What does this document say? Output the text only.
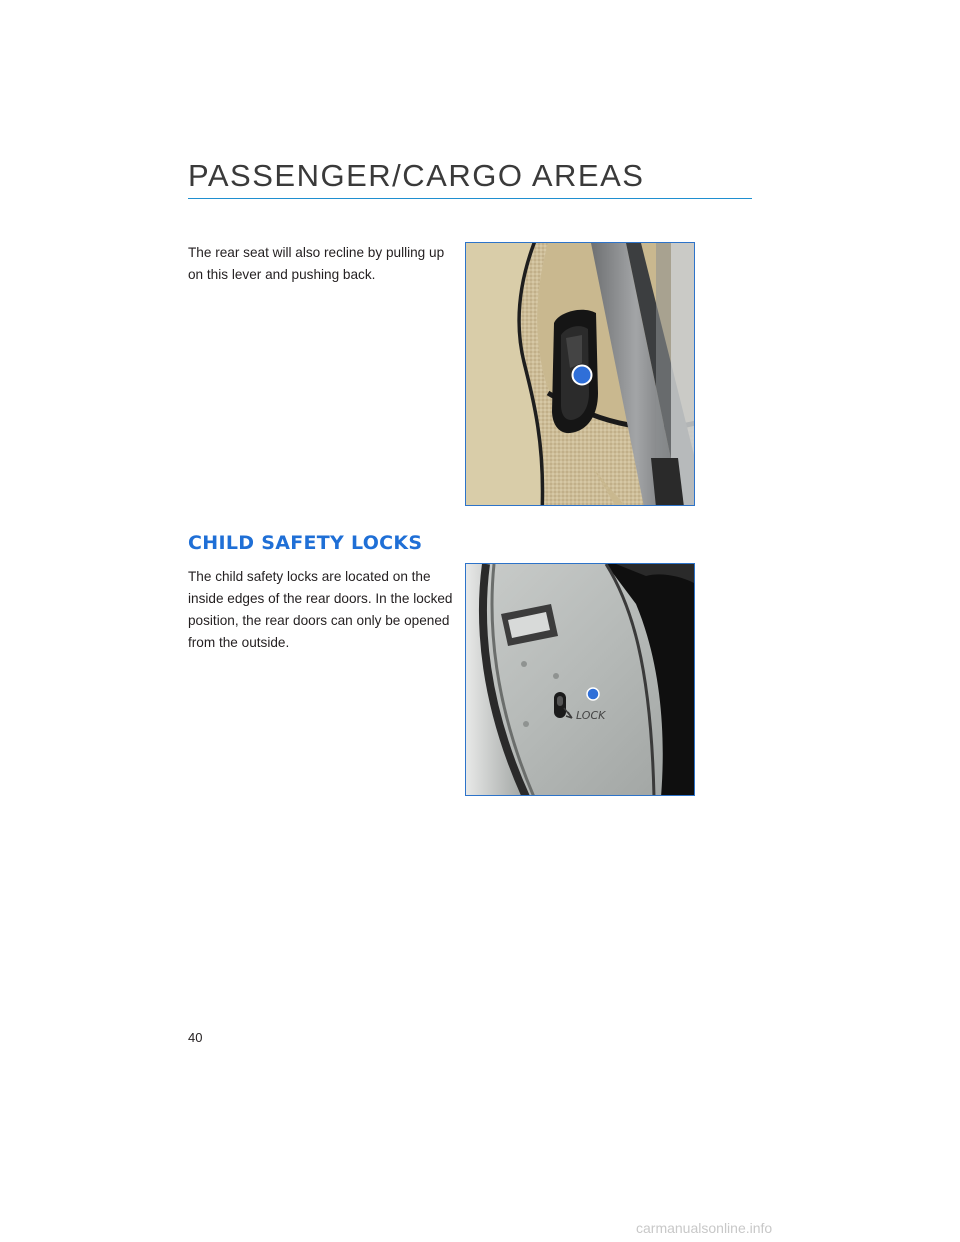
PASSENGER/CARGO AREAS

The rear seat will also recline by pulling up on this lever and pushing back.

CHILD SAFETY LOCKS

The child safety locks are located on the inside edges of the rear doors. In the locked position, the rear doors can only be opened from the outside.

LOCK

40

carmanualsonline.info
